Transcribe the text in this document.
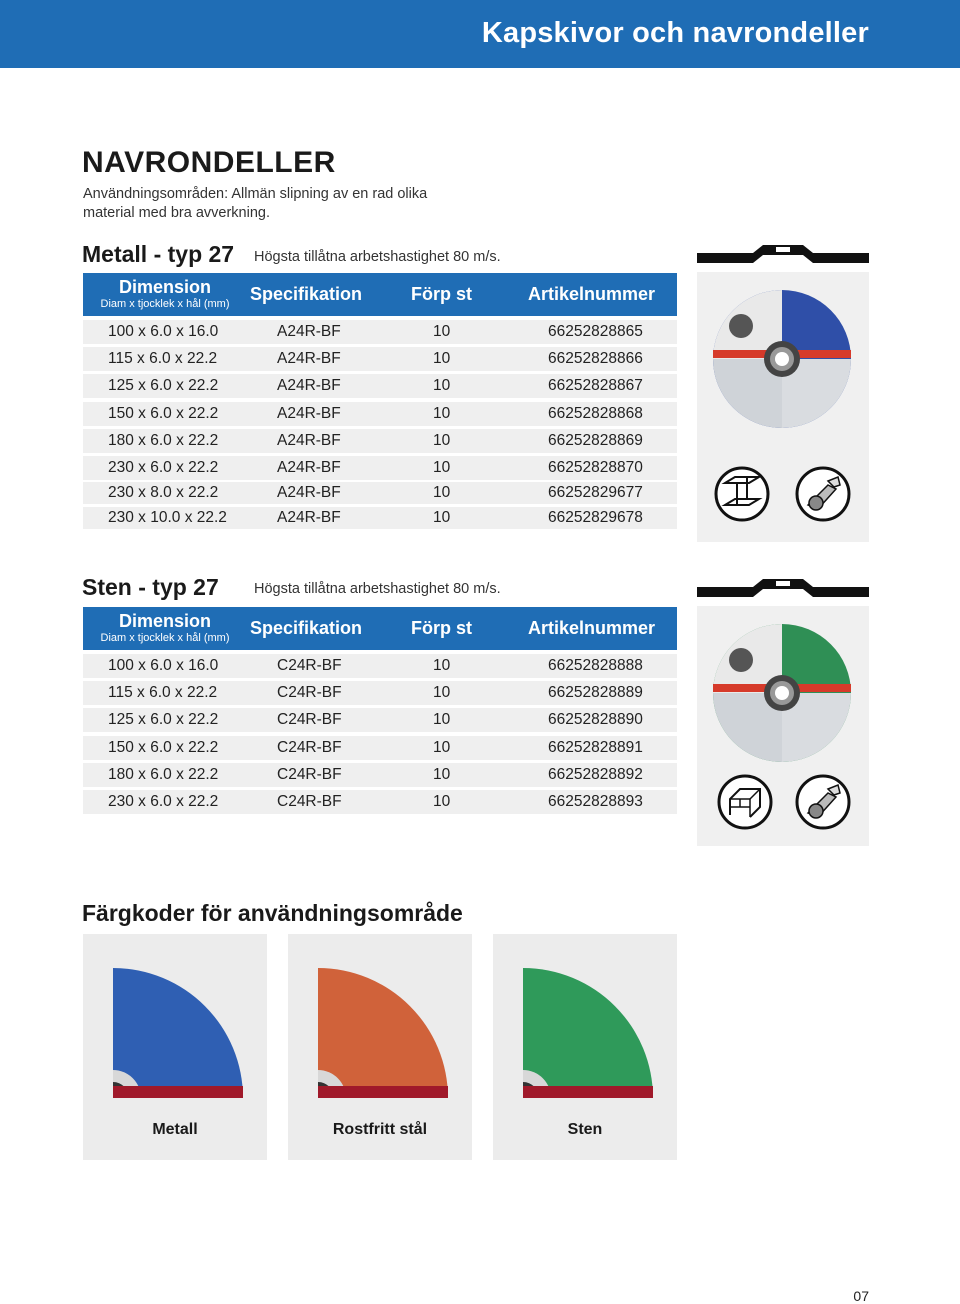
Kapskivor och navrondeller
NAVRONDELLER
Användningsområden: Allmän slipning av en rad olika material med bra avverkning.
Metall - typ 27 Högsta tillåtna arbetshastighet 80 m/s.
Dimension
Diam x tjocklek x hål (mm)	Specifikation	Förp st	Artikelnummer
100 x 6.0 x 16.0	A24R-BF	10	66252828865
115 x 6.0 x 22.2	A24R-BF	10	66252828866
125 x 6.0 x 22.2	A24R-BF	10	66252828867
150 x 6.0 x 22.2	A24R-BF	10	66252828868
180 x 6.0 x 22.2	A24R-BF	10	66252828869
230 x 6.0 x 22.2	A24R-BF	10	66252828870
230 x 8.0 x 22.2	A24R-BF	10	66252829677
230 x 10.0 x 22.2	A24R-BF	10	66252829678
Sten - typ 27 Högsta tillåtna arbetshastighet 80 m/s.
Dimension
Diam x tjocklek x hål (mm)	Specifikation	Förp st	Artikelnummer
100 x 6.0 x 16.0	C24R-BF	10	66252828888
115 x 6.0 x 22.2	C24R-BF	10	66252828889
125 x 6.0 x 22.2	C24R-BF	10	66252828890
150 x 6.0 x 22.2	C24R-BF	10	66252828891
180 x 6.0 x 22.2	C24R-BF	10	66252828892
230 x 6.0 x 22.2	C24R-BF	10	66252828893
Färgkoder för användningsområde
Metall	Rostfritt stål	Sten
07
